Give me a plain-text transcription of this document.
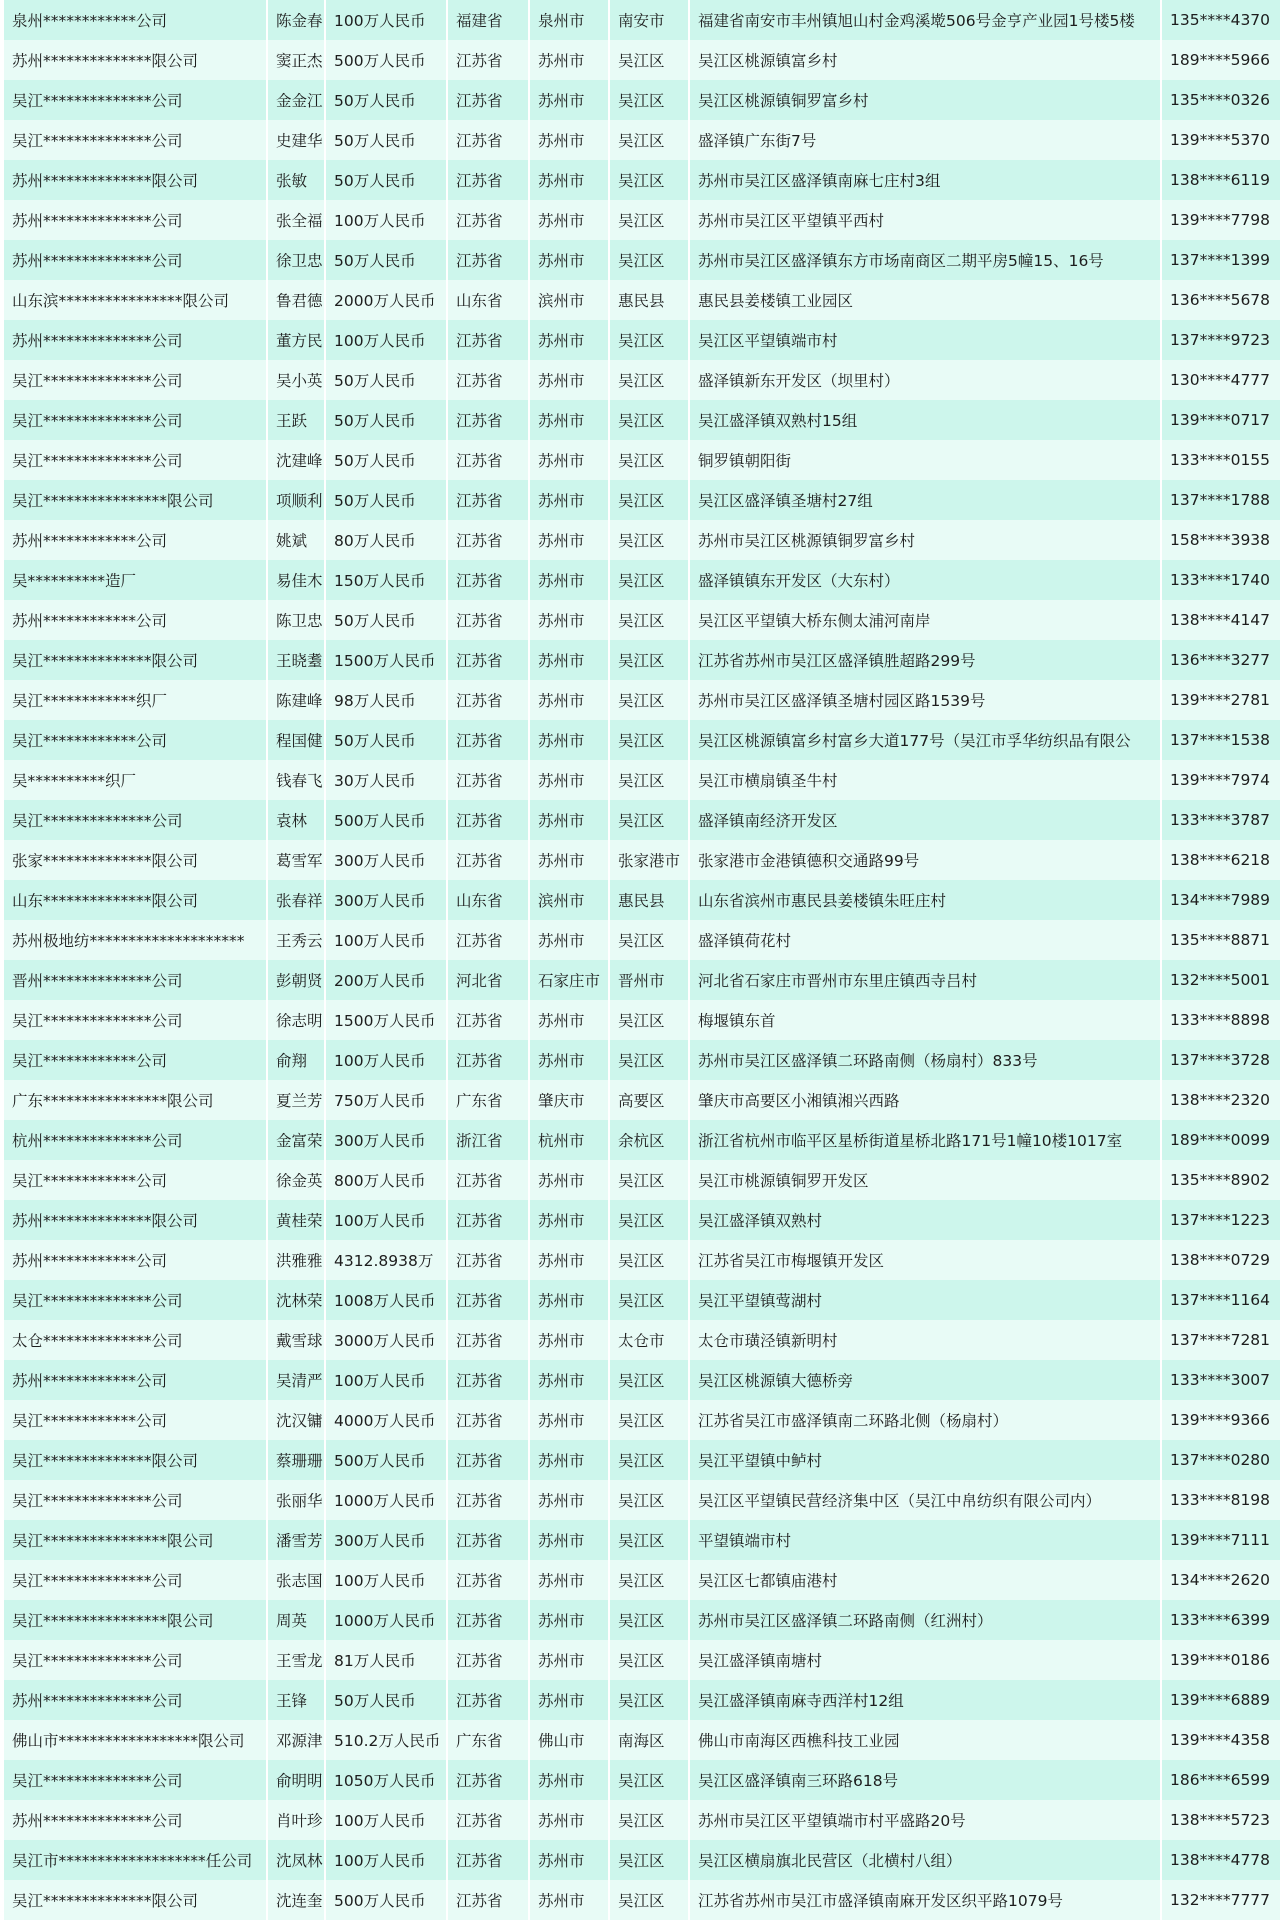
泉州************公司	陈金春	100万人民币	福建省	泉州市	南安市	福建省南安市丰州镇旭山村金鸡溪墘506号金亨产业园1号楼5楼	135****4370
苏州**************限公司	窦正杰	500万人民币	江苏省	苏州市	吴江区	吴江区桃源镇富乡村	189****5966
吴江**************公司	金金江	50万人民币	江苏省	苏州市	吴江区	吴江区桃源镇铜罗富乡村	135****0326
吴江**************公司	史建华	50万人民币	江苏省	苏州市	吴江区	盛泽镇广东街7号	139****5370
苏州**************限公司	张敏	50万人民币	江苏省	苏州市	吴江区	苏州市吴江区盛泽镇南麻七庄村3组	138****6119
苏州**************公司	张全福	100万人民币	江苏省	苏州市	吴江区	苏州市吴江区平望镇平西村	139****7798
苏州**************公司	徐卫忠	50万人民币	江苏省	苏州市	吴江区	苏州市吴江区盛泽镇东方市场南商区二期平房5幢15、16号	137****1399
山东滨****************限公司	鲁君德	2000万人民币	山东省	滨州市	惠民县	惠民县姜楼镇工业园区	136****5678
苏州**************公司	董方民	100万人民币	江苏省	苏州市	吴江区	吴江区平望镇端市村	137****9723
吴江**************公司	吴小英	50万人民币	江苏省	苏州市	吴江区	盛泽镇新东开发区（坝里村）	130****4777
吴江**************公司	王跃	50万人民币	江苏省	苏州市	吴江区	吴江盛泽镇双熟村15组	139****0717
吴江**************公司	沈建峰	50万人民币	江苏省	苏州市	吴江区	铜罗镇朝阳街	133****0155
吴江****************限公司	项顺利	50万人民币	江苏省	苏州市	吴江区	吴江区盛泽镇圣塘村27组	137****1788
苏州************公司	姚斌	80万人民币	江苏省	苏州市	吴江区	苏州市吴江区桃源镇铜罗富乡村	158****3938
吴**********造厂	易佳木	150万人民币	江苏省	苏州市	吴江区	盛泽镇镇东开发区（大东村）	133****1740
苏州************公司	陈卫忠	50万人民币	江苏省	苏州市	吴江区	吴江区平望镇大桥东侧太浦河南岸	138****4147
吴江**************限公司	王晓耋	1500万人民币	江苏省	苏州市	吴江区	江苏省苏州市吴江区盛泽镇胜超路299号	136****3277
吴江************织厂	陈建峰	98万人民币	江苏省	苏州市	吴江区	苏州市吴江区盛泽镇圣塘村园区路1539号	139****2781
吴江************公司	程国健	50万人民币	江苏省	苏州市	吴江区	吴江区桃源镇富乡村富乡大道177号（吴江市孚华纺织品有限公	137****1538
吴**********织厂	钱春飞	30万人民币	江苏省	苏州市	吴江区	吴江市横扇镇圣牛村	139****7974
吴江**************公司	袁林	500万人民币	江苏省	苏州市	吴江区	盛泽镇南经济开发区	133****3787
张家**************限公司	葛雪军	300万人民币	江苏省	苏州市	张家港市	张家港市金港镇德积交通路99号	138****6218
山东**************限公司	张春祥	300万人民币	山东省	滨州市	惠民县	山东省滨州市惠民县姜楼镇朱旺庄村	134****7989
苏州极地纺********************	王秀云	100万人民币	江苏省	苏州市	吴江区	盛泽镇荷花村	135****8871
晋州**************公司	彭朝贤	200万人民币	河北省	石家庄市	晋州市	河北省石家庄市晋州市东里庄镇西寺吕村	132****5001
吴江**************公司	徐志明	1500万人民币	江苏省	苏州市	吴江区	梅堰镇东首	133****8898
吴江************公司	俞翔	100万人民币	江苏省	苏州市	吴江区	苏州市吴江区盛泽镇二环路南侧（杨扇村）833号	137****3728
广东****************限公司	夏兰芳	750万人民币	广东省	肇庆市	高要区	肇庆市高要区小湘镇湘兴西路	138****2320
杭州**************公司	金富荣	300万人民币	浙江省	杭州市	余杭区	浙江省杭州市临平区星桥街道星桥北路171号1幢10楼1017室	189****0099
吴江************公司	徐金英	800万人民币	江苏省	苏州市	吴江区	吴江市桃源镇铜罗开发区	135****8902
苏州**************限公司	黄桂荣	100万人民币	江苏省	苏州市	吴江区	吴江盛泽镇双熟村	137****1223
苏州************公司	洪雅雅	4312.8938万	江苏省	苏州市	吴江区	江苏省吴江市梅堰镇开发区	138****0729
吴江**************公司	沈林荣	1008万人民币	江苏省	苏州市	吴江区	吴江平望镇莺湖村	137****1164
太仓**************公司	戴雪球	3000万人民币	江苏省	苏州市	太仓市	太仓市璜泾镇新明村	137****7281
苏州************公司	吴清严	100万人民币	江苏省	苏州市	吴江区	吴江区桃源镇大德桥旁	133****3007
吴江************公司	沈汉镛	4000万人民币	江苏省	苏州市	吴江区	江苏省吴江市盛泽镇南二环路北侧（杨扇村）	139****9366
吴江**************限公司	蔡珊珊	500万人民币	江苏省	苏州市	吴江区	吴江平望镇中鲈村	137****0280
吴江**************公司	张丽华	1000万人民币	江苏省	苏州市	吴江区	吴江区平望镇民营经济集中区（吴江中帛纺织有限公司内）	133****8198
吴江****************限公司	潘雪芳	300万人民币	江苏省	苏州市	吴江区	平望镇端市村	139****7111
吴江**************公司	张志国	100万人民币	江苏省	苏州市	吴江区	吴江区七都镇庙港村	134****2620
吴江****************限公司	周英	1000万人民币	江苏省	苏州市	吴江区	苏州市吴江区盛泽镇二环路南侧（红洲村）	133****6399
吴江**************公司	王雪龙	81万人民币	江苏省	苏州市	吴江区	吴江盛泽镇南塘村	139****0186
苏州**************公司	王锋	50万人民币	江苏省	苏州市	吴江区	吴江盛泽镇南麻寺西洋村12组	139****6889
佛山市******************限公司	邓源津	510.2万人民币	广东省	佛山市	南海区	佛山市南海区西樵科技工业园	139****4358
吴江**************公司	俞明明	1050万人民币	江苏省	苏州市	吴江区	吴江区盛泽镇南三环路618号	186****6599
苏州**************公司	肖叶珍	100万人民币	江苏省	苏州市	吴江区	苏州市吴江区平望镇端市村平盛路20号	138****5723
吴江市*******************任公司	沈凤林	100万人民币	江苏省	苏州市	吴江区	吴江区横扇旗北民营区（北横村八组）	138****4778
吴江**************限公司	沈连奎	500万人民币	江苏省	苏州市	吴江区	江苏省苏州市吴江市盛泽镇南麻开发区织平路1079号	132****7777
